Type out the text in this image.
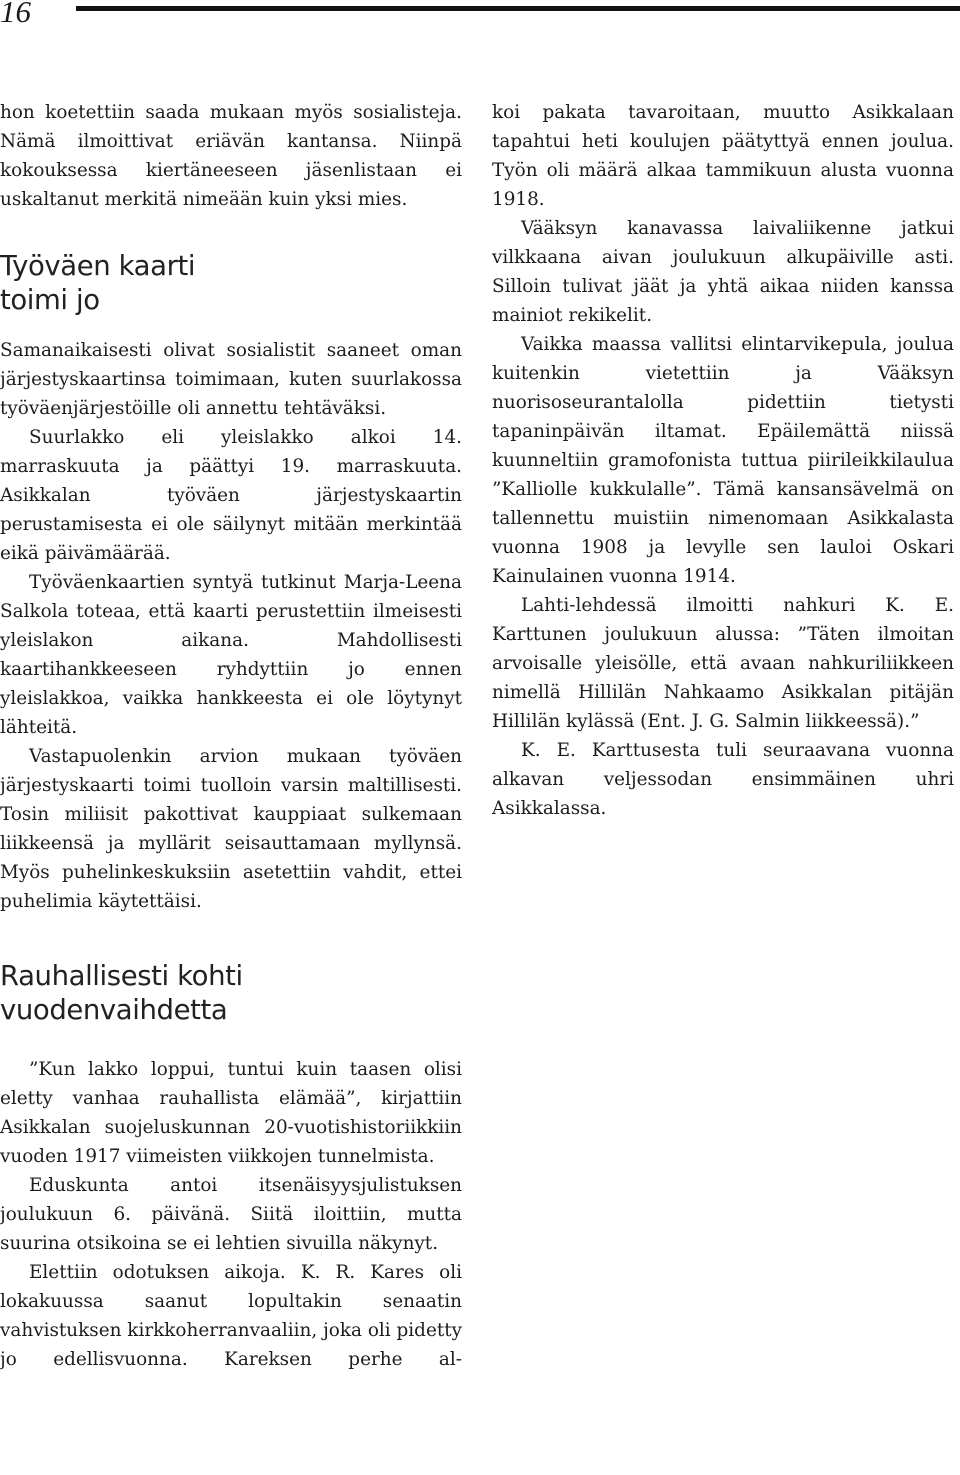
16

hon koetettiin saada mukaan myös sosialisteja. Nämä ilmoittivat eriävän kantansa. Niinpä kokouksessa kiertäneeseen jäsenlistaan ei uskaltanut merkitä nimeään kuin yksi mies.

Työväen kaarti
toimi jo

Samanaikaisesti olivat sosialistit saaneet oman järjestyskaartinsa toimimaan, kuten suurlakossa työväenjärjestöille oli annettu tehtäväksi.

Suurlakko eli yleislakko alkoi 14. marraskuuta ja päättyi 19. marraskuuta. Asikkalan työväen järjestyskaartin perustamisesta ei ole säilynyt mitään merkintää eikä päivämäärää.

Työväenkaartien syntyä tutkinut Marja-Leena Salkola toteaa, että kaarti perustettiin ilmeisesti yleislakon aikana. Mahdollisesti kaartihankkeeseen ryhdyttiin jo ennen yleislakkoa, vaikka hankkeesta ei ole löytynyt lähteitä.

Vastapuolenkin arvion mukaan työväen järjestyskaarti toimi tuolloin varsin maltillisesti. Tosin miliisit pakottivat kauppiaat sulkemaan liikkeensä ja myllärit seisauttamaan myllynsä. Myös puhelinkeskuksiin asetettiin vahdit, ettei puhelimia käytettäisi.

Rauhallisesti kohti
vuodenvaihdetta

”Kun lakko loppui, tuntui kuin taasen olisi eletty vanhaa rauhallista elämää”, kirjattiin Asikkalan suojeluskunnan 20-vuotishistoriikkiin vuoden 1917 viimeisten viikkojen tunnelmista.

Eduskunta antoi itsenäisyysjulistuksen joulukuun 6. päivänä. Siitä iloittiin, mutta suurina otsikoina se ei lehtien sivuilla näkynyt.

Elettiin odotuksen aikoja. K. R. Kares oli lokakuussa saanut lopultakin senaatin vahvistuksen kirkkoherranvaaliin, joka oli pidetty jo edellisvuonna. Kareksen perhe al-

koi pakata tavaroitaan, muutto Asikkalaan tapahtui heti koulujen päätyttyä ennen joulua. Työn oli määrä alkaa tammikuun alusta vuonna 1918.

Vääksyn kanavassa laivaliikenne jatkui vilkkaana aivan joulukuun alkupäiville asti. Silloin tulivat jäät ja yhtä aikaa niiden kanssa mainiot rekikelit.

Vaikka maassa vallitsi elintarvikepula, joulua kuitenkin vietettiin ja Vääksyn nuorisoseurantalolla pidettiin tietysti tapaninpäivän iltamat. Epäilemättä niissä kuunneltiin gramofonista tuttua piirileikkilaulua ”Kalliolle kukkulalle”. Tämä kansansävelmä on tallennettu muistiin nimenomaan Asikkalasta vuonna 1908 ja levylle sen lauloi Oskari Kainulainen vuonna 1914.

Lahti-lehdessä ilmoitti nahkuri K. E. Karttunen joulukuun alussa: ”Täten ilmoitan arvoisalle yleisölle, että avaan nahkuriliikkeen nimellä Hillilän Nahkaamo Asikkalan pitäjän Hillilän kylässä (Ent. J. G. Salmin liikkeessä).”

K. E. Karttusesta tuli seuraavana vuonna alkavan veljessodan ensimmäinen uhri Asikkalassa.
